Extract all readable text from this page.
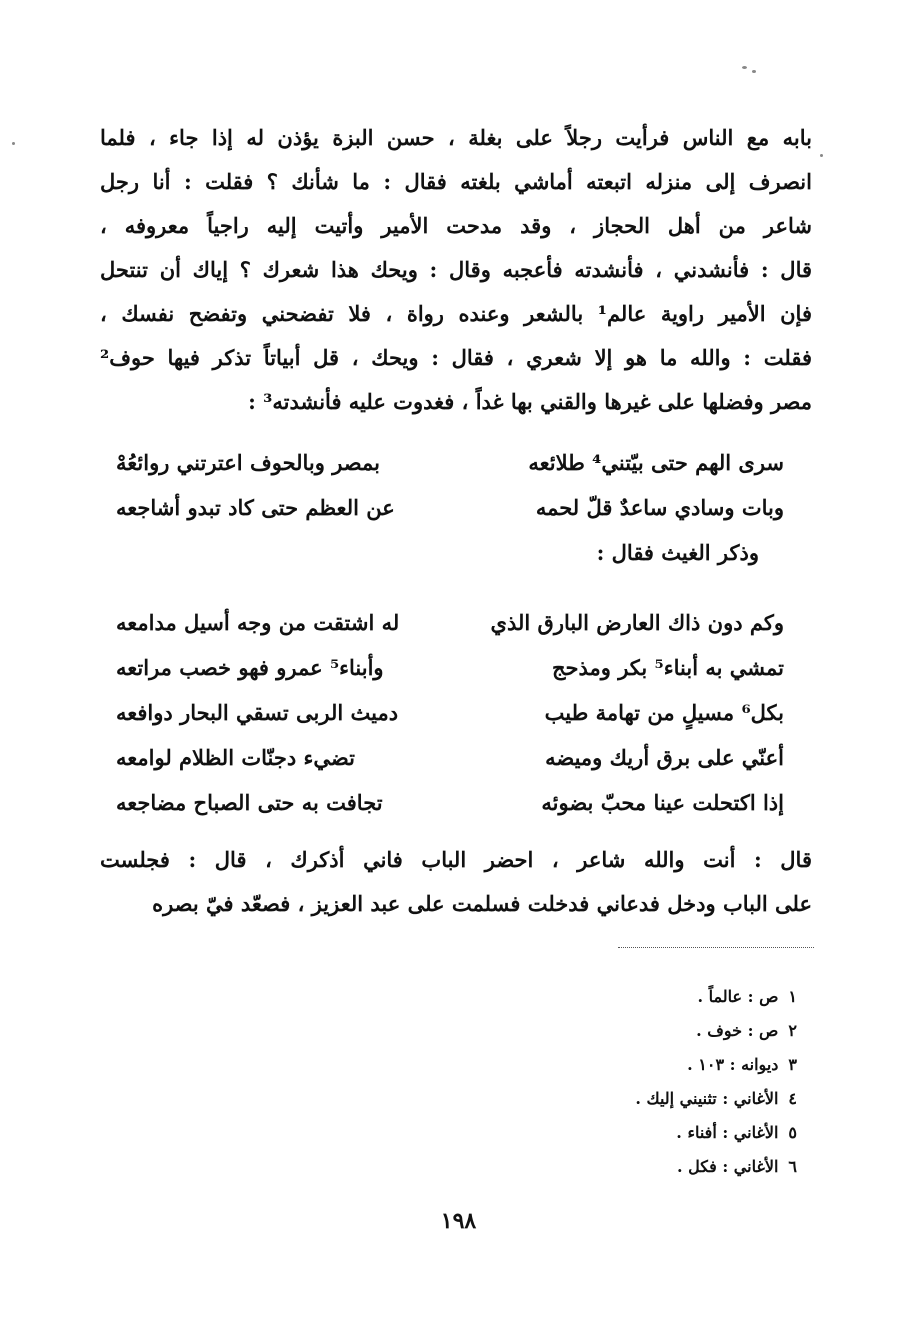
بابه مع الناس فرأيت رجلاً على بغلة ، حسن البزة يؤذن له إذا جاء ، فلما
انصرف إلى منزله اتبعته أماشي بلغته فقال : ما شأنك ؟ فقلت : أنا رجل
شاعر من أهل الحجاز ، وقد مدحت الأمير وأتيت إليه راجياً معروفه ،
قال : فأنشدني ، فأنشدته فأعجبه وقال : ويحك هذا شعرك ؟ إياك أن تنتحل
فإن الأمير راوية عالم¹ بالشعر وعنده رواة ، فلا تفضحني وتفضح نفسك ،
فقلت : والله ما هو إلا شعري ، فقال : ويحك ، قل أبياتاً تذكر فيها حوف²
مصر وفضلها على غيرها والقني بها غداً ، فغدوت عليه فأنشدته³ :
سرى الهم حتى بيّتني⁴ طلائعه
بمصر وبالحوف اعترتني روائعُهْ
وبات وسادي ساعدٌ قلّ لحمه
عن العظم حتى كاد تبدو أشاجعه
وذكر الغيث فقال :
وكم دون ذاك العارض البارق الذي
له اشتقت من وجه أسيل مدامعه
تمشي به أبناء⁵ بكر ومذحج
وأبناء⁵ عمرو فهو خصب مراتعه
بكل⁶ مسيلٍ من تهامة طيب
دميث الربى تسقي البحار دوافعه
أعنّي على برق أريك وميضه
تضيء دجنّات الظلام لوامعه
إذا اكتحلت عينا محبّ بضوئه
تجافت به حتى الصباح مضاجعه
قال : أنت والله شاعر ، احضر الباب فاني أذكرك ، قال : فجلست
على الباب ودخل فدعاني فدخلت فسلمت على عبد العزيز ، فصعّد فيّ بصره
١ص : عالماً .
٢ص : خوف .
٣ديوانه : ١٠٣ .
٤الأغاني : تثنيني إليك .
٥الأغاني : أفناء .
٦الأغاني : فكل .
١٩٨
